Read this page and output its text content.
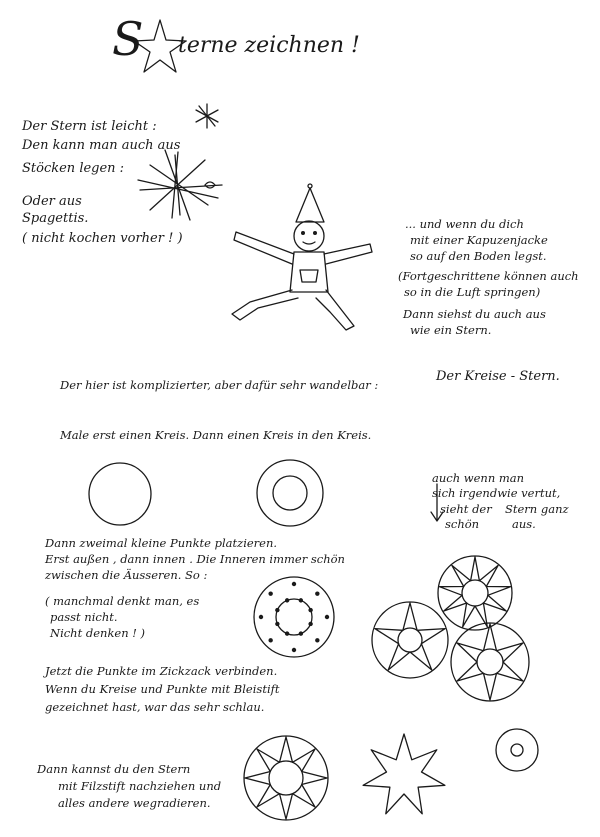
S terne zeichnen !
Der Stern ist leicht :
Den kann man auch aus
Stöcken legen :
Oder aus
Spagettis.
( nicht kochen vorher ! )
... und wenn du dich
mit einer Kapuzenjacke
so auf den Boden legst.
(Fortgeschrittene können auch
so in die Luft springen)
Dann siehst du auch aus
wie ein Stern.
Der hier ist komplizierter, aber dafür sehr wandelbar :
Der Kreise - Stern.
Male erst einen Kreis. Dann einen Kreis in den Kreis.
auch wenn man
sich irgendwie vertut,
sieht der Stern ganz
schön	aus.
Dann zweimal kleine Punkte platzieren.
Erst außen , dann innen . Die Inneren immer schön
zwischen die Äusseren. So :
( manchmal denkt man, es
passt nicht.
Nicht denken ! )
Jetzt die Punkte im Zickzack verbinden.
Wenn du Kreise und Punkte mit Bleistift
gezeichnet hast, war das sehr schlau.
Dann kannst du den Stern
mit Filzstift nachziehen und
alles andere wegradieren.
